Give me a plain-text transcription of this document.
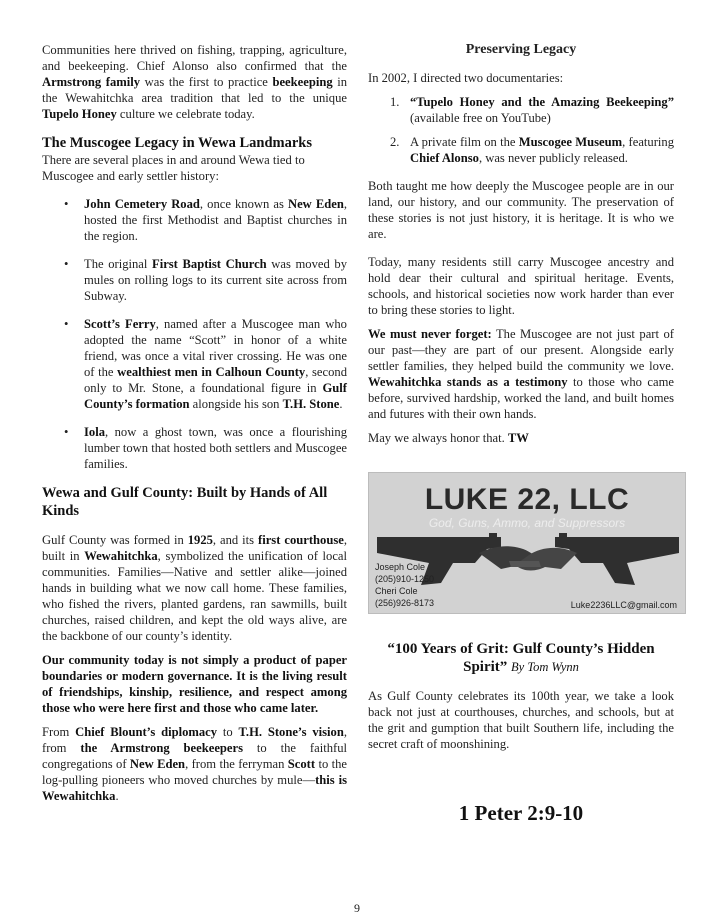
Communities here thrived on fishing, trapping, agriculture, and beekeeping. Chief Alonso also confirmed that the Armstrong family was the first to practice beekeeping in the Wewahitchka area tradition that led to the unique Tupelo Honey culture we celebrate today.

The Muscogee Legacy in Wewa Landmarks

There are several places in and around Wewa tied to Muscogee and early settler history:

• John Cemetery Road, once known as New Eden, hosted the first Methodist and Baptist churches in the region.
• The original First Baptist Church was moved by mules on rolling logs to its current site across from Subway.
• Scott’s Ferry, named after a Muscogee man who adopted the name “Scott” in honor of a white friend, was once a vital river crossing. He was one of the wealthiest men in Calhoun County, second only to Mr. Stone, a foundational figure in Gulf County’s formation alongside his son T.H. Stone.
• Iola, now a ghost town, was once a flourishing lumber town that hosted both settlers and Muscogee families.
Wewa and Gulf County: Built by Hands of All Kinds

Gulf County was formed in 1925, and its first courthouse, built in Wewahitchka, symbolized the unification of local communities. Families—Native and settler alike—joined hands in building what we now call home. These families, who fished the rivers, planted gardens, ran sawmills, built churches, raised children, and kept the old ways alive, are the backbone of our county’s identity.

Our community today is not simply a product of paper boundaries or modern governance. It is the living result of friendships, kinship, resilience, and respect among those who were here first and those who came later.

From Chief Blount’s diplomacy to T.H. Stone’s vision, from the Armstrong beekeepers to the faithful congregations of New Eden, from the ferryman Scott to the log-pulling pioneers who moved churches by mule—this is Wewahitchka.

Preserving Legacy

In 2002, I directed two documentaries:

1. “Tupelo Honey and the Amazing Beekeeping” (available free on YouTube)
2. A private film on the Muscogee Museum, featuring Chief Alonso, was never publicly released.

Both taught me how deeply the Muscogee people are in our land, our history, and our community. The preservation of these stories is not just history, it is heritage. It is who we are.

Today, many residents still carry Muscogee ancestry and hold dear their cultural and spiritual heritage. Events, schools, and historical societies now work harder than ever to bring these stories to light.

We must never forget: The Muscogee are not just part of our past—they are part of our present. Alongside early settler families, they helped build the community we love. Wewahitchka stands as a testimony to those who came before, survived hardship, worked the land, and built homes and futures with their own hands.

May we always honor that. TW

LUKE 22, LLC
God, Guns, Ammo, and Suppressors
Joseph Cole
(205)910-1250
Cheri Cole
(256)926-8173	Luke2236LLC@gmail.com
“100 Years of Grit: Gulf County’s Hidden Spirit” By Tom Wynn

As Gulf County celebrates its 100th year, we take a look back not just at courthouses, churches, and schools, but at the grit and gumption that built Southern life, including the secret craft of moonshining.

1 Peter 2:9-10
9
